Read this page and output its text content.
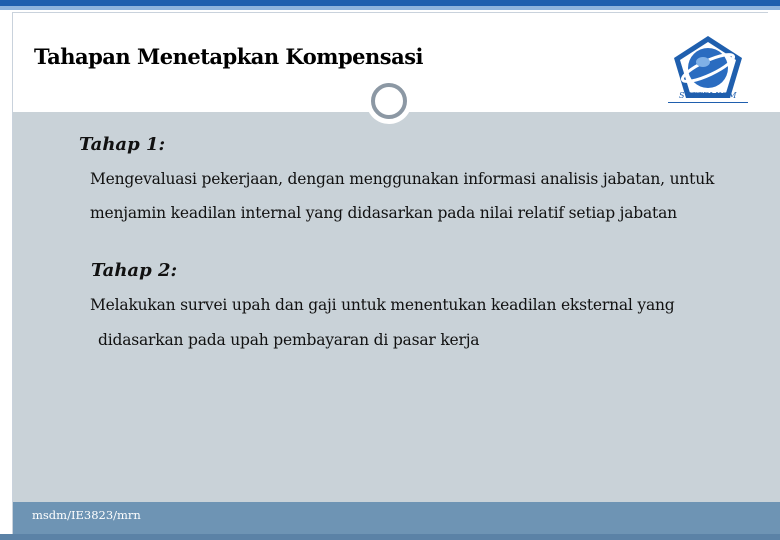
Tahapan Menetapkan Kompensasi
STTTELKOM
Tahap 1:
Mengevaluasi pekerjaan, dengan menggunakan informasi analisis jabatan, untuk
menjamin keadilan internal yang didasarkan pada nilai relatif setiap jabatan
Tahap 2:
Melakukan survei upah dan gaji untuk menentukan keadilan eksternal yang
didasarkan pada upah pembayaran di pasar kerja
msdm/IE3823/mrn
